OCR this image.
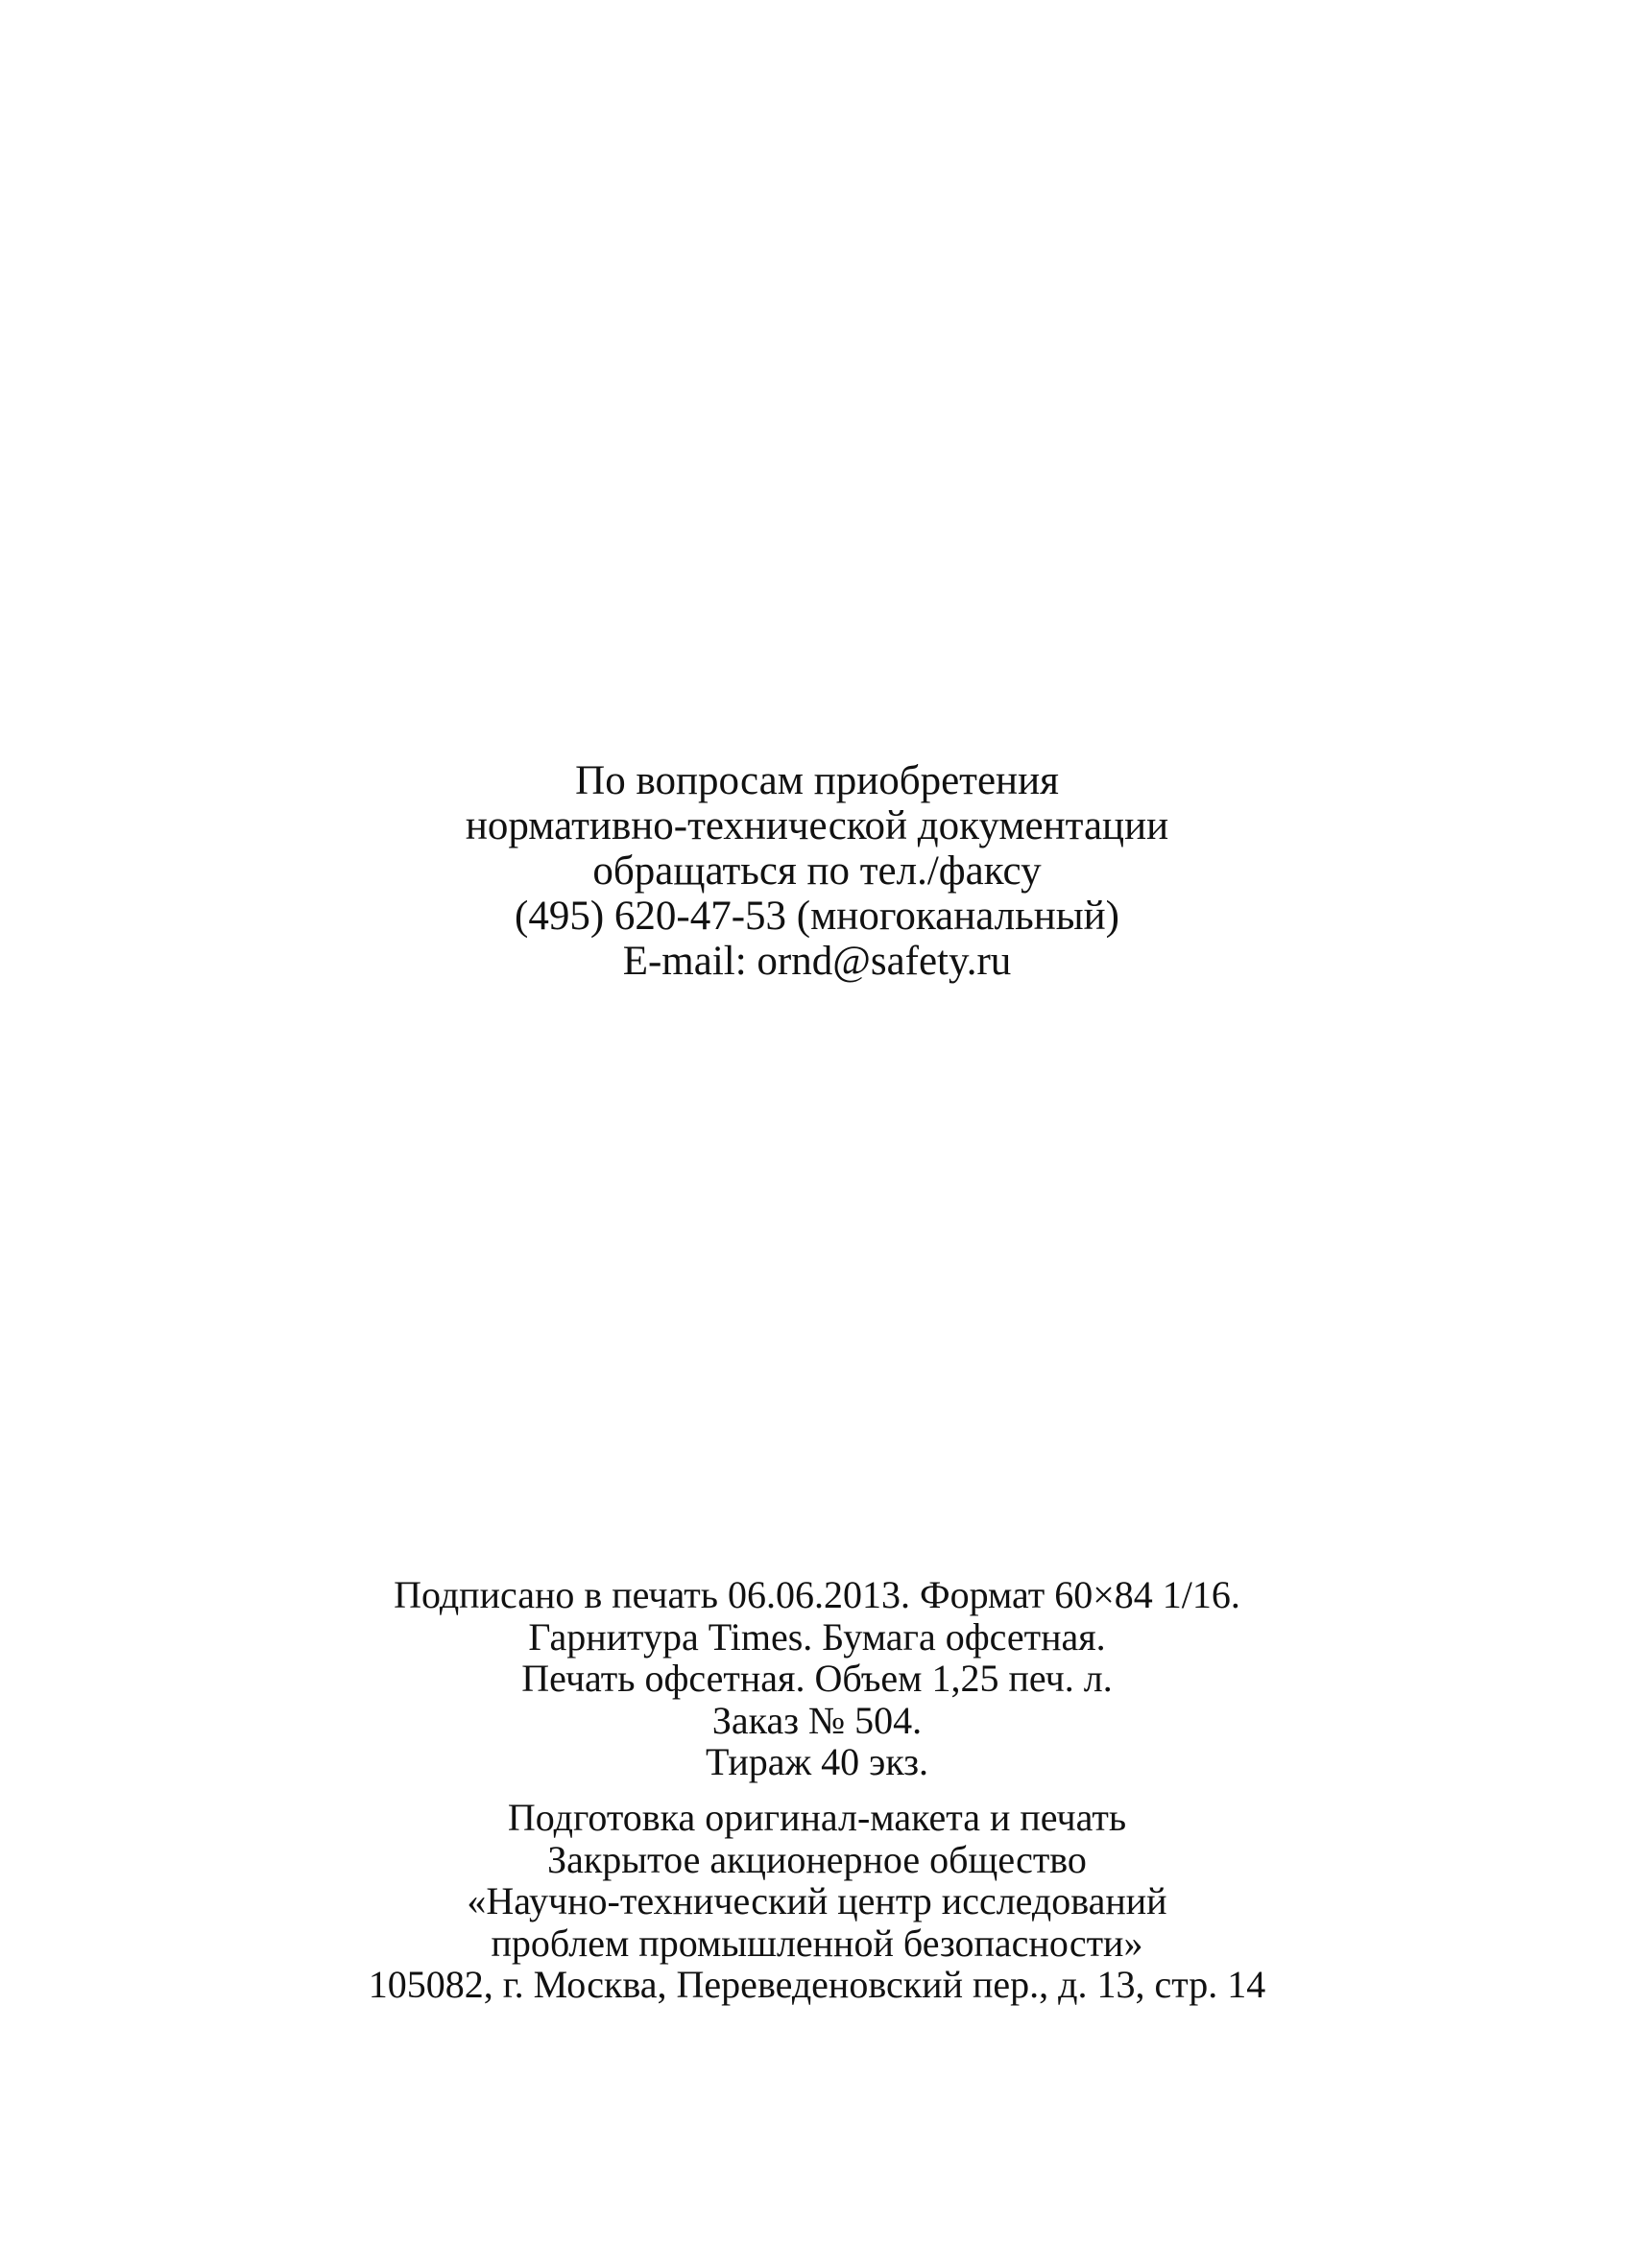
По вопросам приобретения
нормативно-технической документации
обращаться по тел./факсу
(495) 620-47-53 (многоканальный)
E-mail: ornd@safety.ru
Подписано в печать 06.06.2013. Формат 60×84 1/16.
Гарнитура Times. Бумага офсетная.
Печать офсетная. Объем 1,25 печ. л.
Заказ № 504.
Тираж 40 экз.
Подготовка оригинал-макета и печать
Закрытое акционерное общество
«Научно-технический центр исследований
проблем промышленной безопасности»
105082, г. Москва, Переведеновский пер., д. 13, стр. 14
